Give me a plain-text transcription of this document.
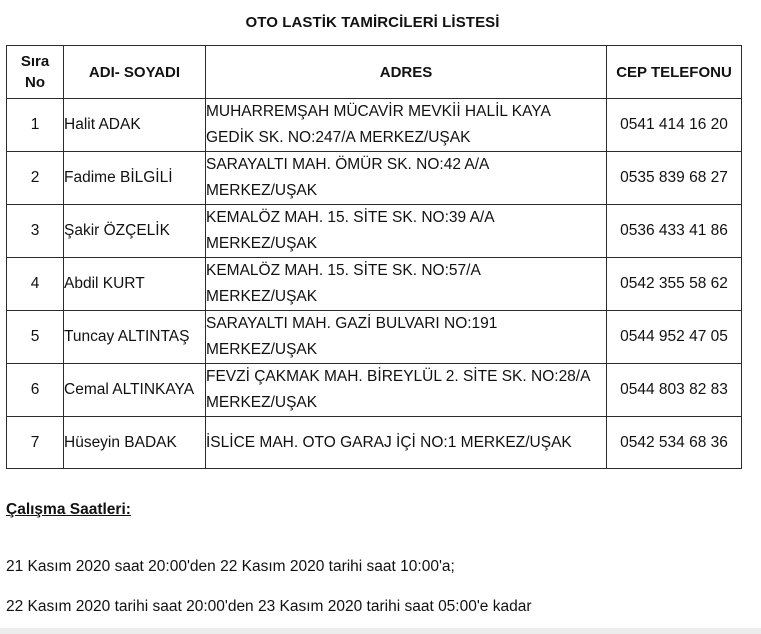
OTO LASTİK TAMİRCİLERİ LİSTESİ
Sıra
No	ADI- SOYADI	ADRES	CEP TELEFONU
1	Halit ADAK	MUHARREMŞAH MÜCAVİR MEVKİİ HALİL KAYA
GEDİK SK. NO:247/A MERKEZ/UŞAK	0541 414 16 20
2	Fadime BİLGİLİ	SARAYALTI MAH. ÖMÜR SK. NO:42 A/A
MERKEZ/UŞAK	0535 839 68 27
3	Şakir ÖZÇELİK	KEMALÖZ MAH. 15. SİTE SK. NO:39 A/A
MERKEZ/UŞAK	0536 433 41 86
4	Abdil KURT	KEMALÖZ MAH. 15. SİTE SK. NO:57/A
MERKEZ/UŞAK	0542 355 58 62
5	Tuncay ALTINTAŞ	SARAYALTI MAH. GAZİ BULVARI NO:191
MERKEZ/UŞAK	0544 952 47 05
6	Cemal ALTINKAYA	FEVZİ ÇAKMAK MAH. BİREYLÜL 2. SİTE SK. NO:28/A
MERKEZ/UŞAK	0544 803 82 83
7	Hüseyin BADAK	İSLİCE MAH. OTO GARAJ İÇİ NO:1 MERKEZ/UŞAK	0542 534 68 36
Çalışma Saatleri:
21 Kasım 2020 saat 20:00'den 22 Kasım 2020 tarihi saat 10:00'a;
22 Kasım 2020 tarihi saat 20:00'den 23 Kasım 2020 tarihi saat 05:00'e kadar
